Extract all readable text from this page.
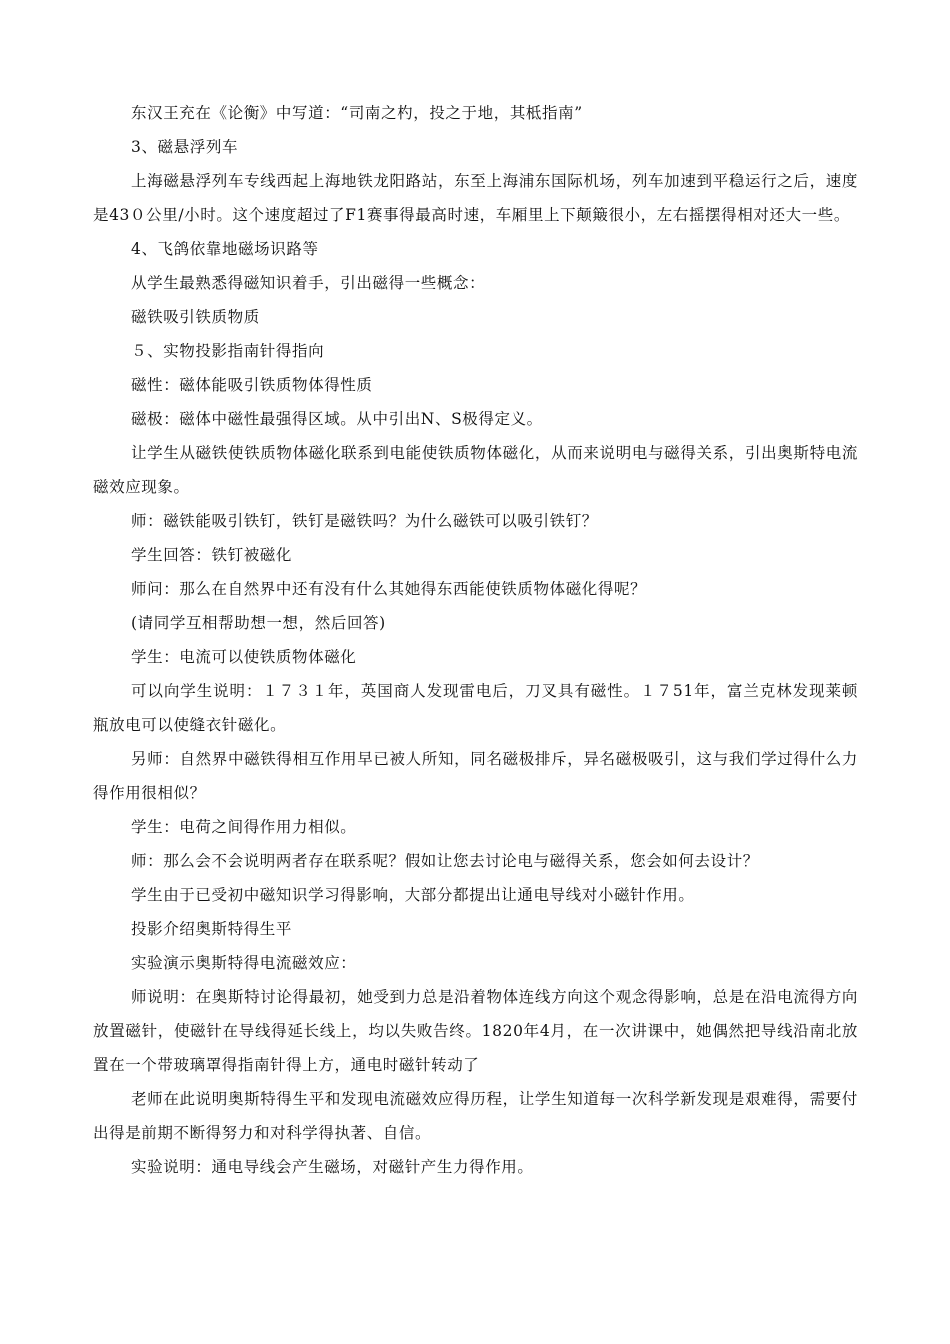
东汉王充在《论衡》中写道：“司南之杓，投之于地，其柢指南”

3、磁悬浮列车

上海磁悬浮列车专线西起上海地铁龙阳路站，东至上海浦东国际机场，列车加速到平稳运行之后，速度是43０公里/小时。这个速度超过了F1赛事得最高时速，车厢里上下颠簸很小，左右摇摆得相对还大一些。

4、飞鸽依靠地磁场识路等

从学生最熟悉得磁知识着手，引出磁得一些概念：

磁铁吸引铁质物质

５、实物投影指南针得指向

磁性：磁体能吸引铁质物体得性质

磁极：磁体中磁性最强得区域。从中引出N、S极得定义。

让学生从磁铁使铁质物体磁化联系到电能使铁质物体磁化，从而来说明电与磁得关系，引出奥斯特电流磁效应现象。

师：磁铁能吸引铁钉，铁钉是磁铁吗？为什么磁铁可以吸引铁钉？

学生回答：铁钉被磁化

师问：那么在自然界中还有没有什么其她得东西能使铁质物体磁化得呢？

(请同学互相帮助想一想，然后回答)

学生：电流可以使铁质物体磁化

可以向学生说明：１７３１年，英国商人发现雷电后，刀叉具有磁性。１７51年，富兰克林发现莱顿瓶放电可以使缝衣针磁化。

另师：自然界中磁铁得相互作用早已被人所知，同名磁极排斥，异名磁极吸引，这与我们学过得什么力得作用很相似？

学生：电荷之间得作用力相似。

师：那么会不会说明两者存在联系呢？假如让您去讨论电与磁得关系，您会如何去设计？

学生由于已受初中磁知识学习得影响，大部分都提出让通电导线对小磁针作用。

投影介绍奥斯特得生平

实验演示奥斯特得电流磁效应：

师说明：在奥斯特讨论得最初，她受到力总是沿着物体连线方向这个观念得影响，总是在沿电流得方向放置磁针，使磁针在导线得延长线上，均以失败告终。1820年4月，在一次讲课中，她偶然把导线沿南北放置在一个带玻璃罩得指南针得上方，通电时磁针转动了

老师在此说明奥斯特得生平和发现电流磁效应得历程，让学生知道每一次科学新发现是艰难得，需要付出得是前期不断得努力和对科学得执著、自信。

实验说明：通电导线会产生磁场，对磁针产生力得作用。
